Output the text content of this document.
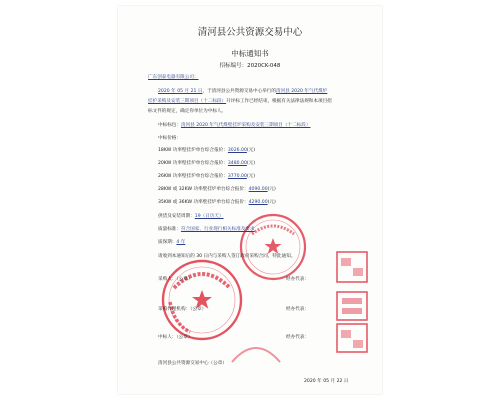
清河县公共资源交易中心
中标通知书
招标编号：2020CK-048
广东创泰电器有限公司：
2020 年 05 月 21 日，于清河县公共资源交易中心举行的清河县 2020 年气代煤炉
挂护采购及安装三期项目（十二标段）开评标工作已经结束，根据有关法律法规和本项目招
标文件的规定，确定你单位为中标人。
中标标包：清河县 2020 年气代煤壁挂炉采购及安装三期项目（十二标段）
中标价格：
18KW 功率壁挂炉单台综合报价：3026.00(元)
20KW 功率壁挂炉单台综合报价：3480.00(元)
26KW 功率壁挂炉单台综合报价：3770.00(元)
28KW 或 32KW 功率壁挂炉单台综合报价：4090.00(元)
35KW 或 36KW 功率壁挂炉单台综合报价：4290.00(元)
供货及安装周期：19（日历天）
质量标准：符合国家、行业现行相关标准及要求
质保期：4 年
请收到本通知后的 30 日内与采购人签订政府采购合同，特此通知。
采购人：（公章）	经办代表：
采购代理机构：（公章）	经办代表：
中标人：（公章）	经办代表：
清河县公共资源交易中心（公章）
2020 年 05 月 22 日
